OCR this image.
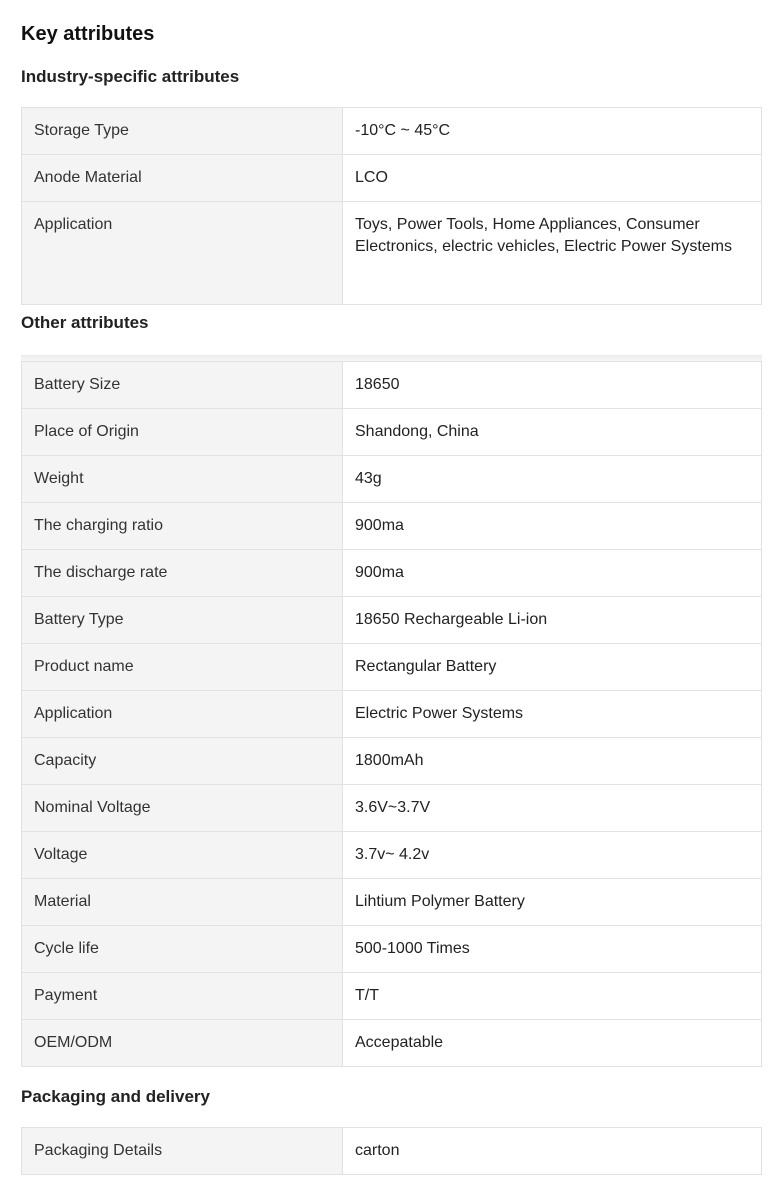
Key attributes
Industry-specific attributes
Storage Type	-10°C ~ 45°C
Anode Material	LCO
Application	Toys, Power Tools, Home Appliances, Consumer Electronics, electric vehicles, Electric Power Systems
Other attributes
Battery Size	18650
Place of Origin	Shandong, China
Weight	43g
The charging ratio	900ma
The discharge rate	900ma
Battery Type	18650 Rechargeable Li-ion
Product name	Rectangular Battery
Application	Electric Power Systems
Capacity	1800mAh
Nominal Voltage	3.6V~3.7V
Voltage	3.7v~ 4.2v
Material	Lihtium Polymer Battery
Cycle life	500-1000 Times
Payment	T/T
OEM/ODM	Accepatable
Packaging and delivery
Packaging Details	carton
